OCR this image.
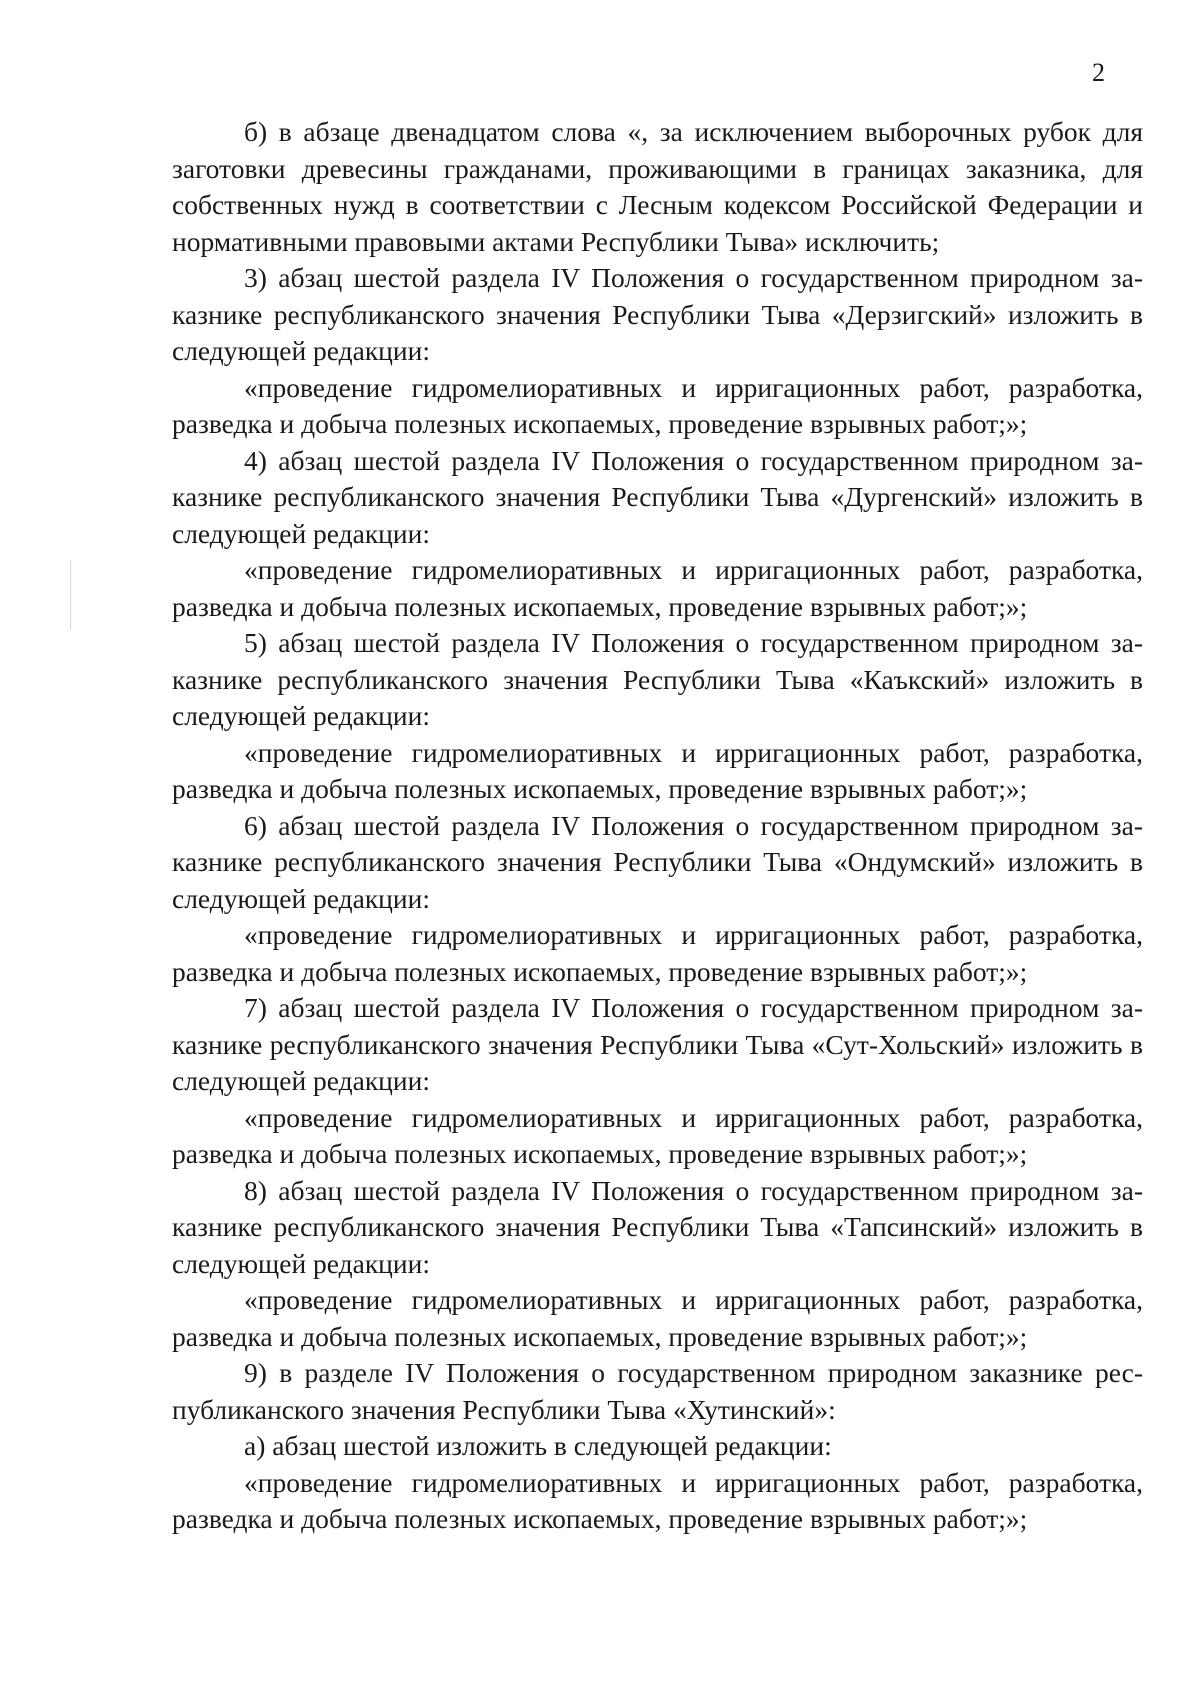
2

б) в абзаце двенадцатом слова «, за исключением выборочных рубок для заготовки древесины гражданами, проживающими в границах заказника, для собственных нужд в соответствии с Лесным кодексом Российской Федерации и нормативными правовыми актами Республики Тыва» исключить;

3) абзац шестой раздела IV Положения о государственном природном заказнике республиканского значения Республики Тыва «Дерзигский» изложить в следующей редакции:

«проведение гидромелиоративных и ирригационных работ, разработка, разведка и добыча полезных ископаемых, проведение взрывных работ;»;

4) абзац шестой раздела IV Положения о государственном природном заказнике республиканского значения Республики Тыва «Дургенский» изложить в следующей редакции:

«проведение гидромелиоративных и ирригационных работ, разработка, разведка и добыча полезных ископаемых, проведение взрывных работ;»;

5) абзац шестой раздела IV Положения о государственном природном заказнике республиканского значения Республики Тыва «Каъкский» изложить в следующей редакции:

«проведение гидромелиоративных и ирригационных работ, разработка, разведка и добыча полезных ископаемых, проведение взрывных работ;»;

6) абзац шестой раздела IV Положения о государственном природном заказнике республиканского значения Республики Тыва «Ондумский» изложить в следующей редакции:

«проведение гидромелиоративных и ирригационных работ, разработка, разведка и добыча полезных ископаемых, проведение взрывных работ;»;

7) абзац шестой раздела IV Положения о государственном природном заказнике республиканского значения Республики Тыва «Сут-Хольский» изложить в следующей редакции:

«проведение гидромелиоративных и ирригационных работ, разработка, разведка и добыча полезных ископаемых, проведение взрывных работ;»;

8) абзац шестой раздела IV Положения о государственном природном заказнике республиканского значения Республики Тыва «Тапсинский» изложить в следующей редакции:

«проведение гидромелиоративных и ирригационных работ, разработка, разведка и добыча полезных ископаемых, проведение взрывных работ;»;

9) в разделе IV Положения о государственном природном заказнике республиканского значения Республики Тыва «Хутинский»:

а) абзац шестой изложить в следующей редакции:

«проведение гидромелиоративных и ирригационных работ, разработка, разведка и добыча полезных ископаемых, проведение взрывных работ;»;
